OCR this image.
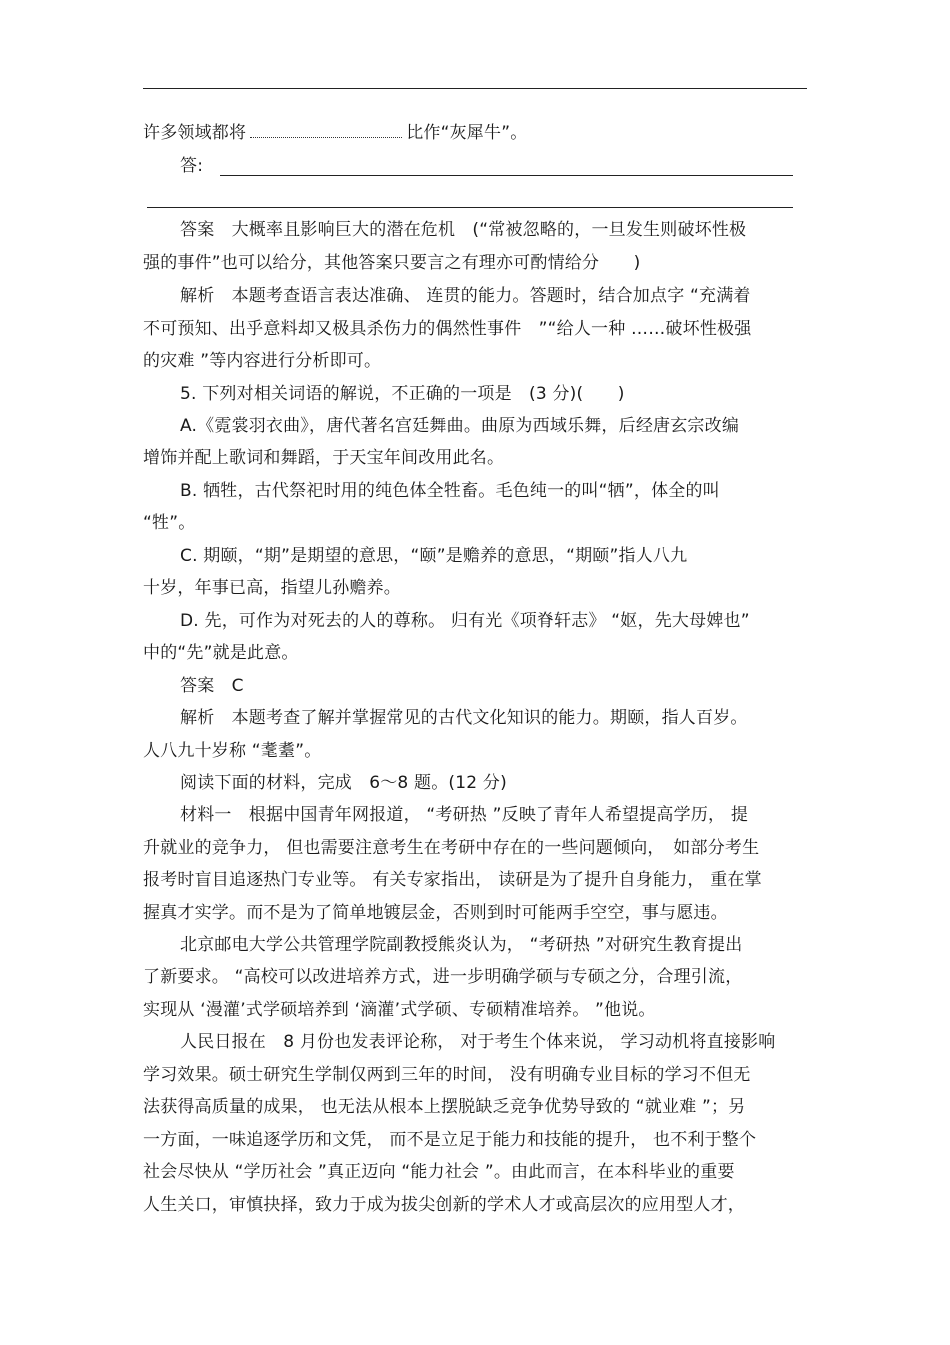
许多领域都将	比作“灰犀牛”。
答:
答案　大概率且影响巨大的潜在危机　(“常被忽略的，一旦发生则破坏性极
强的事件”也可以给分，其他答案只要言之有理亦可酌情给分　　)
解析　本题考查语言表达准确、 连贯的能力。答题时，结合加点字 “充满着
不可预知、出乎意料却又极具杀伤力的偶然性事件　”“给人一种 ……破坏性极强
的灾难 ”等内容进行分析即可。
5. 下列对相关词语的解说，不正确的一项是　(3 分)(　　)
A.《霓裳羽衣曲》，唐代著名宫廷舞曲。曲原为西域乐舞，后经唐玄宗改编
增饰并配上歌词和舞蹈，于天宝年间改用此名。
B. 牺牲，古代祭祀时用的纯色体全牲畜。毛色纯一的叫“牺”，体全的叫
“牲”。
C. 期颐，“期”是期望的意思，“颐”是赡养的意思，“期颐”指人八九
十岁，年事已高，指望儿孙赡养。
D. 先，可作为对死去的人的尊称。 归有光《项脊轩志》 “妪，先大母婢也”
中的“先”就是此意。
答案　C
解析　本题考查了解并掌握常见的古代文化知识的能力。期颐，指人百岁。
人八九十岁称 “耄耋”。
阅读下面的材料，完成　6～8 题。(12 分)
材料一　根据中国青年网报道， “考研热 ”反映了青年人希望提高学历， 提
升就业的竞争力， 但也需要注意考生在考研中存在的一些问题倾向，　如部分考生
报考时盲目追逐热门专业等。 有关专家指出， 读研是为了提升自身能力， 重在掌
握真才实学。而不是为了简单地镀层金，否则到时可能两手空空，事与愿违。
北京邮电大学公共管理学院副教授熊炎认为， “考研热 ”对研究生教育提出
了新要求。 “高校可以改进培养方式，进一步明确学硕与专硕之分，合理引流，
实现从 ‘漫灌’式学硕培养到 ‘滴灌’式学硕、专硕精准培养。 ”他说。
人民日报在　8 月份也发表评论称， 对于考生个体来说， 学习动机将直接影响
学习效果。硕士研究生学制仅两到三年的时间， 没有明确专业目标的学习不但无
法获得高质量的成果， 也无法从根本上摆脱缺乏竞争优势导致的 “就业难 ”；另
一方面，一味追逐学历和文凭， 而不是立足于能力和技能的提升， 也不利于整个
社会尽快从 “学历社会 ”真正迈向 “能力社会 ”。由此而言，在本科毕业的重要
人生关口，审慎抉择，致力于成为拔尖创新的学术人才或高层次的应用型人才，
